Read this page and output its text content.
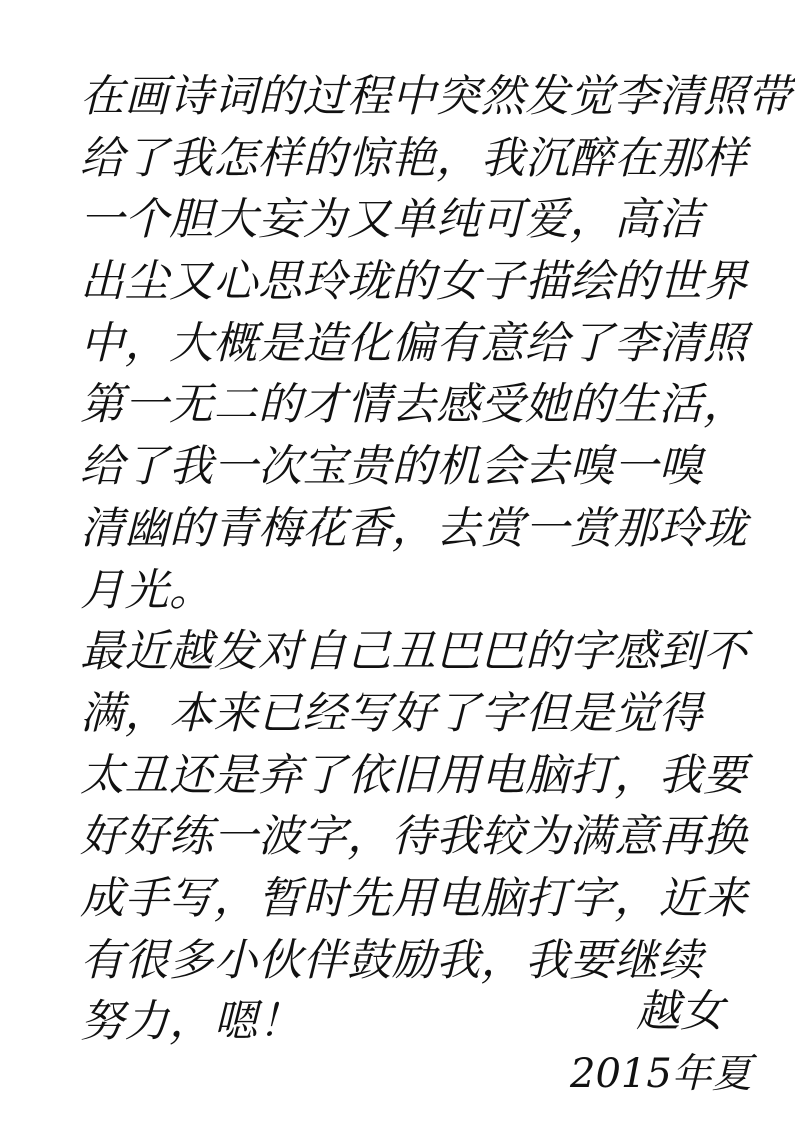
在画诗词的过程中突然发觉李清照带
给了我怎样的惊艳，我沉醉在那样
一个胆大妄为又单纯可爱，高洁
出尘又心思玲珑的女子描绘的世界
中，大概是造化偏有意给了李清照
第一无二的才情去感受她的生活，
给了我一次宝贵的机会去嗅一嗅
清幽的青梅花香，去赏一赏那玲珑
月光。
最近越发对自己丑巴巴的字感到不
满，本来已经写好了字但是觉得
太丑还是弃了依旧用电脑打，我要
好好练一波字，待我较为满意再换
成手写，暂时先用电脑打字，近来
有很多小伙伴鼓励我，我要继续
努力，嗯！	越女
2015年夏
